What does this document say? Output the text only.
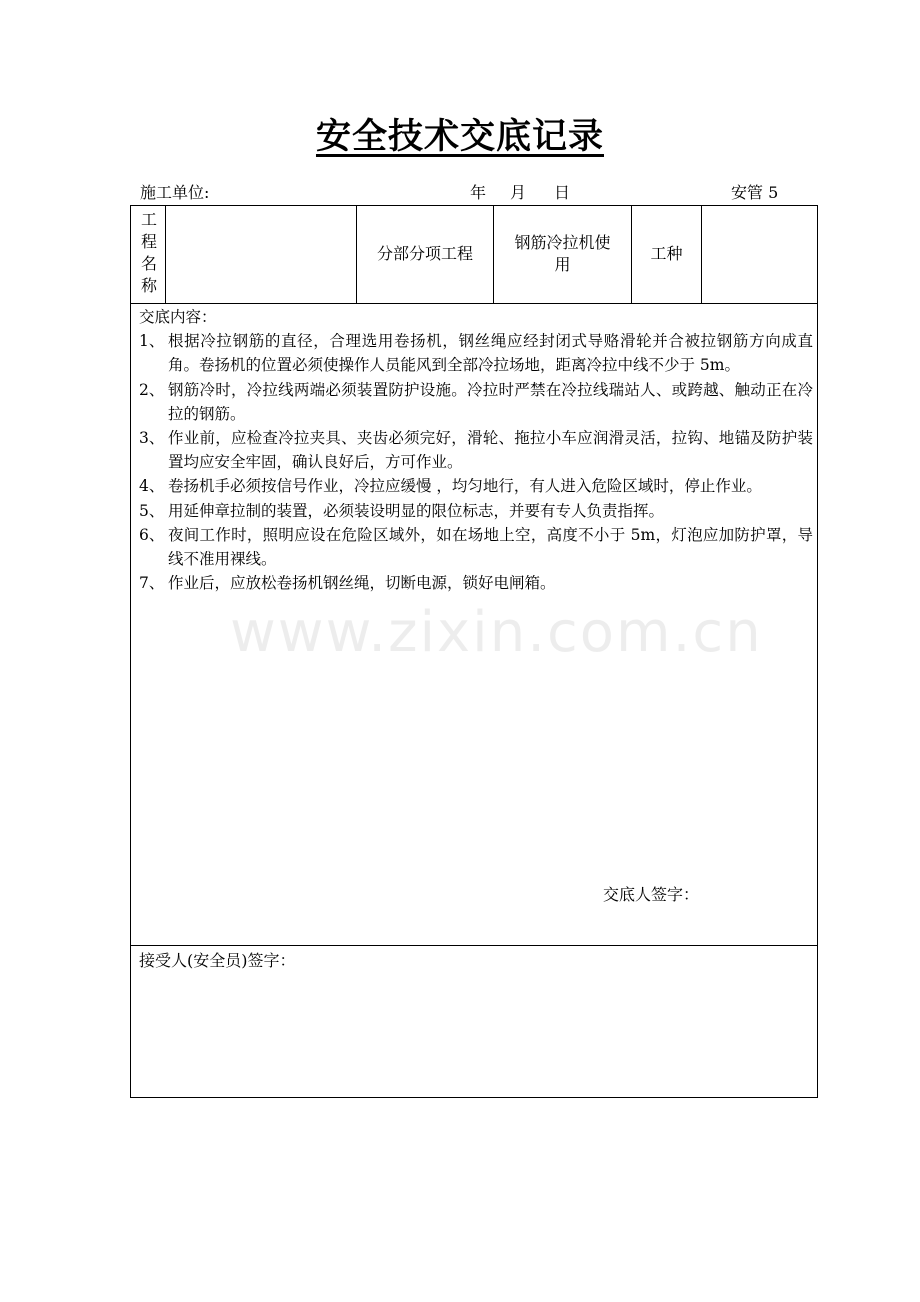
安全技术交底记录
施工单位:	年 月 日	安管 5
工
程
名
称
分部分项工程
钢筋冷拉机使
用
工种
交底内容：
1、 根据冷拉钢筋的直径，合理选用卷扬机，钢丝绳应经封闭式导赂滑轮并合被拉钢筋方向成直角。卷扬机的位置必须使操作人员能风到全部冷拉场地，距离冷拉中线不少于 5m。
2、 钢筋冷时，冷拉线两端必须装置防护设施。冷拉时严禁在冷拉线瑞站人、或跨越、触动正在冷拉的钢筋。
3、 作业前，应检查冷拉夹具、夹齿必须完好，滑轮、拖拉小车应润滑灵活，拉钩、地锚及防护装置均应安全牢固，确认良好后，方可作业。
4、 卷扬机手必须按信号作业，冷拉应缓慢 ，均匀地行，有人进入危险区域时，停止作业。
5、 用延伸章拉制的装置，必须装设明显的限位标志，并要有专人负责指挥。
6、 夜间工作时，照明应设在危险区域外，如在场地上空，高度不小于 5m，灯泡应加防护罩，导线不准用裸线。
7、 作业后，应放松卷扬机钢丝绳，切断电源，锁好电闸箱。
交底人签字：
接受人(安全员)签字：
www.zixin.com.cn
